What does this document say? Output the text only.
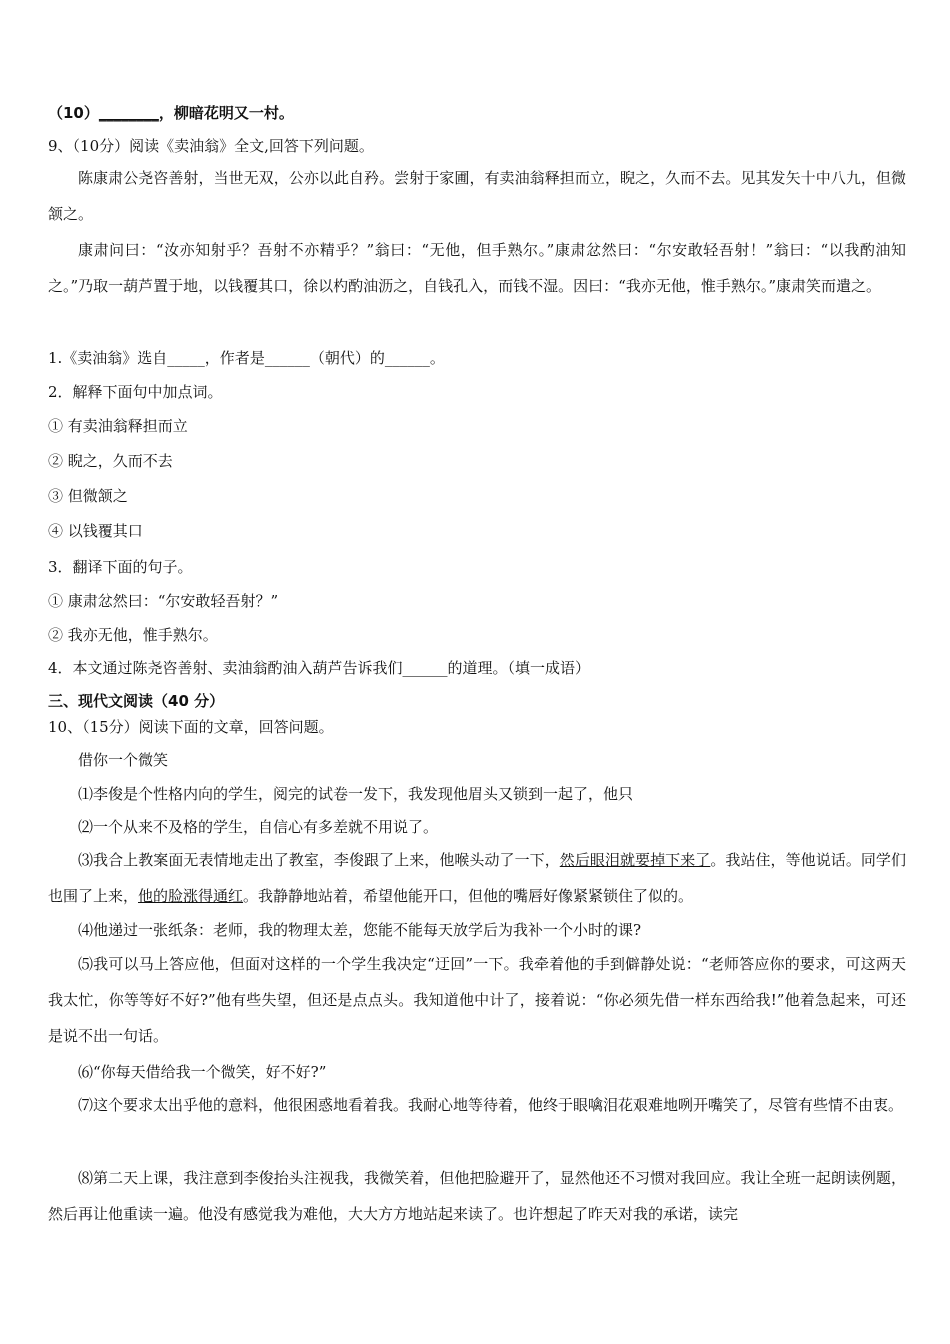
（10）________，柳暗花明又一村。
9、（10分）阅读《卖油翁》全文,回答下列问题。
陈康肃公尧咨善射，当世无双，公亦以此自矜。尝射于家圃，有卖油翁释担而立，睨之，久而不去。见其发矢十中八九，但微颔之。
康肃问曰：“汝亦知射乎？吾射不亦精乎？”翁曰：“无他，但手熟尔。”康肃忿然曰：“尔安敢轻吾射！”翁曰：“以我酌油知之。”乃取一葫芦置于地，以钱覆其口，徐以杓酌油沥之，自钱孔入，而钱不湿。因曰：“我亦无他，惟手熟尔。”康肃笑而遣之。
1.《卖油翁》选自_____，作者是______（朝代）的______。
2．解释下面句中加点词。
① 有卖油翁释担而立
② 睨之，久而不去
③ 但微颔之
④ 以钱覆其口
3．翻译下面的句子。
① 康肃忿然曰：“尔安敢轻吾射？”
② 我亦无他，惟手熟尔。
4．本文通过陈尧咨善射、卖油翁酌油入葫芦告诉我们______的道理。（填一成语）
三、现代文阅读（40 分）
10、（15分）阅读下面的文章，回答问题。
借你一个微笑
⑴李俊是个性格内向的学生，阅完的试卷一发下，我发现他眉头又锁到一起了，他只
⑵一个从来不及格的学生，自信心有多差就不用说了。
⑶我合上教案面无表情地走出了教室，李俊跟了上来，他喉头动了一下，然后眼泪就要掉下来了。我站住，等他说话。同学们也围了上来，他的脸涨得通红。我静静地站着，希望他能开口，但他的嘴唇好像紧紧锁住了似的。
⑷他递过一张纸条：老师，我的物理太差，您能不能每天放学后为我补一个小时的课?
⑸我可以马上答应他，但面对这样的一个学生我决定“迂回”一下。我牵着他的手到僻静处说：“老师答应你的要求，可这两天我太忙，你等等好不好?”他有些失望，但还是点点头。我知道他中计了，接着说：“你必须先借一样东西给我!”他着急起来，可还是说不出一句话。
⑹“你每天借给我一个微笑，好不好?”
⑺这个要求太出乎他的意料，他很困惑地看着我。我耐心地等待着，他终于眼噙泪花艰难地咧开嘴笑了，尽管有些情不由衷。
⑻第二天上课，我注意到李俊抬头注视我，我微笑着，但他把脸避开了，显然他还不习惯对我回应。我让全班一起朗读例题，然后再让他重读一遍。他没有感觉我为难他，大大方方地站起来读了。也许想起了昨天对我的承诺，读完
